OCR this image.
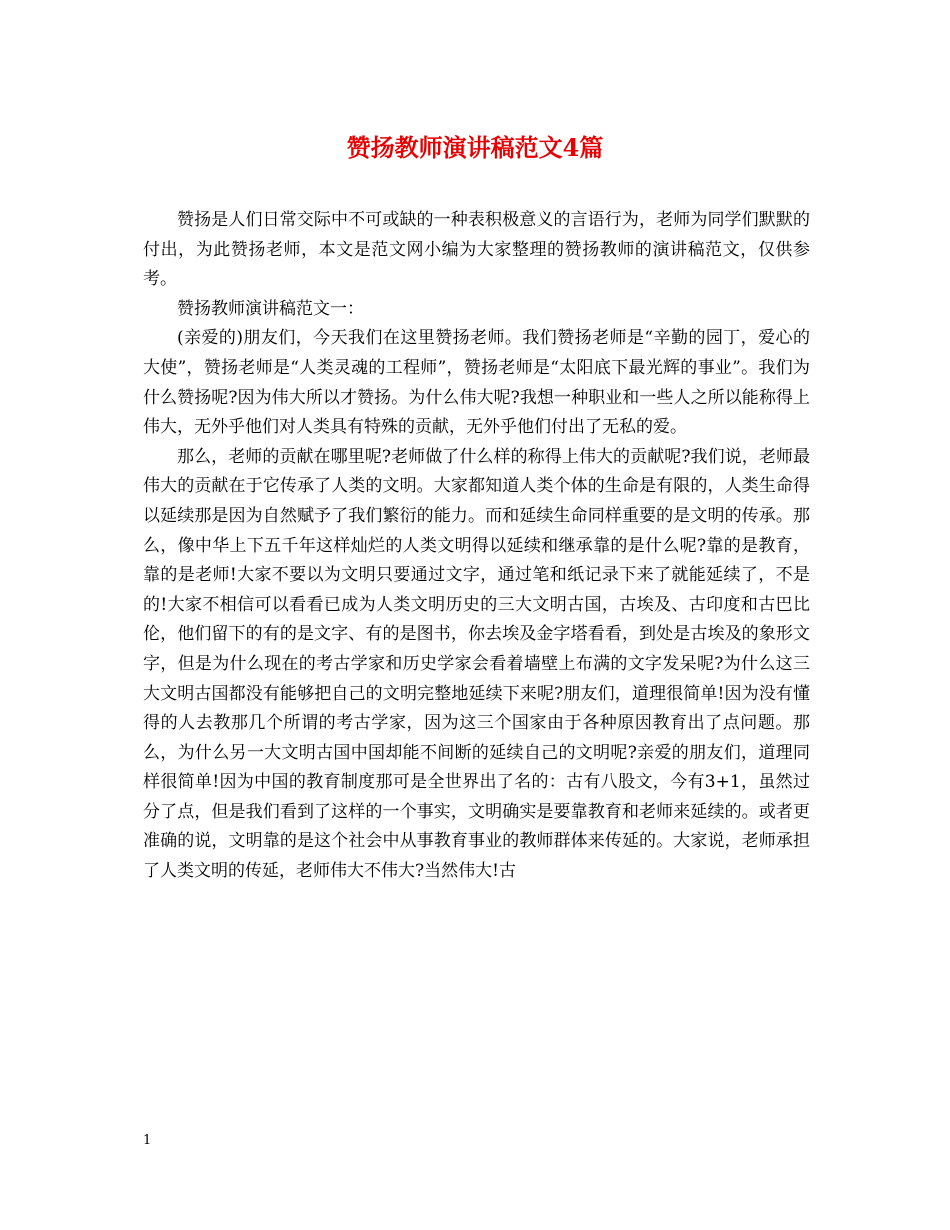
赞扬教师演讲稿范文4篇

赞扬是人们日常交际中不可或缺的一种表积极意义的言语行为，老师为同学们默默的付出，为此赞扬老师，本文是范文网小编为大家整理的赞扬教师的演讲稿范文，仅供参考。

赞扬教师演讲稿范文一：

(亲爱的)朋友们，今天我们在这里赞扬老师。我们赞扬老师是“辛勤的园丁，爱心的大使”，赞扬老师是“人类灵魂的工程师”，赞扬老师是“太阳底下最光辉的事业”。我们为什么赞扬呢?因为伟大所以才赞扬。为什么伟大呢?我想一种职业和一些人之所以能称得上伟大，无外乎他们对人类具有特殊的贡献，无外乎他们付出了无私的爱。

那么，老师的贡献在哪里呢?老师做了什么样的称得上伟大的贡献呢?我们说，老师最伟大的贡献在于它传承了人类的文明。大家都知道人类个体的生命是有限的，人类生命得以延续那是因为自然赋予了我们繁衍的能力。而和延续生命同样重要的是文明的传承。那么，像中华上下五千年这样灿烂的人类文明得以延续和继承靠的是什么呢?靠的是教育，靠的是老师!大家不要以为文明只要通过文字，通过笔和纸记录下来了就能延续了，不是的!大家不相信可以看看已成为人类文明历史的三大文明古国，古埃及、古印度和古巴比伦，他们留下的有的是文字、有的是图书，你去埃及金字塔看看，到处是古埃及的象形文字，但是为什么现在的考古学家和历史学家会看着墙壁上布满的文字发呆呢?为什么这三大文明古国都没有能够把自己的文明完整地延续下来呢?朋友们，道理很简单!因为没有懂得的人去教那几个所谓的考古学家，因为这三个国家由于各种原因教育出了点问题。那么，为什么另一大文明古国中国却能不间断的延续自己的文明呢?亲爱的朋友们，道理同样很简单!因为中国的教育制度那可是全世界出了名的：古有八股文，今有3+1，虽然过分了点，但是我们看到了这样的一个事实，文明确实是要靠教育和老师来延续的。或者更准确的说，文明靠的是这个社会中从事教育事业的教师群体来传延的。大家说，老师承担了人类文明的传延，老师伟大不伟大?当然伟大!古

1
